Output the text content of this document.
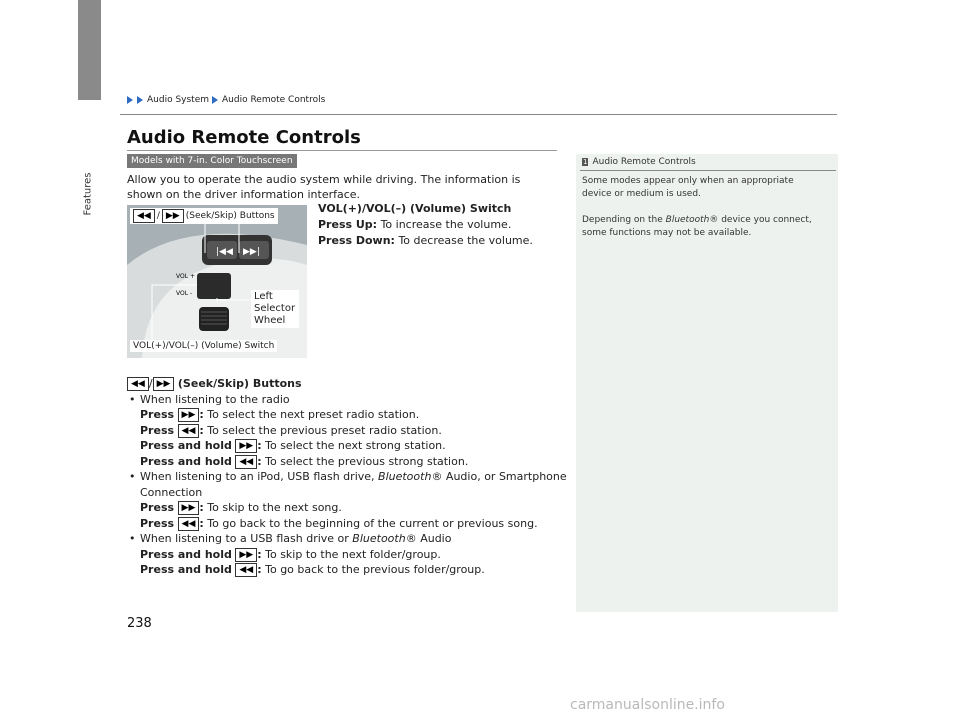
Features
Audio System Audio Remote Controls
Audio Remote Controls
Models with 7-in. Color Touchscreen
Allow you to operate the audio system while driving. The information is shown on the driver information interface.
|◀◀ ▶▶|
VOL +
VOL -
◀◀ / ▶▶ (Seek/Skip) Buttons
Left Selector Wheel
VOL(+)/VOL(–) (Volume) Switch
VOL(+)/VOL(–) (Volume) Switch
Press Up: To increase the volume.
Press Down: To decrease the volume.
◀◀ / ▶▶ (Seek/Skip) Buttons
• When listening to the radio
Press ▶▶ : To select the next preset radio station.
Press ◀◀ : To select the previous preset radio station.
Press and hold ▶▶ : To select the next strong station.
Press and hold ◀◀ : To select the previous strong station.
• When listening to an iPod, USB flash drive, Bluetooth® Audio, or Smartphone
Connection
Press ▶▶ : To skip to the next song.
Press ◀◀ : To go back to the beginning of the current or previous song.
• When listening to a USB flash drive or Bluetooth® Audio
Press and hold ▶▶ : To skip to the next folder/group.
Press and hold ◀◀ : To go back to the previous folder/group.
1 Audio Remote Controls
Some modes appear only when an appropriate device or medium is used.
Depending on the Bluetooth® device you connect, some functions may not be available.
238
carmanualsonline.info
